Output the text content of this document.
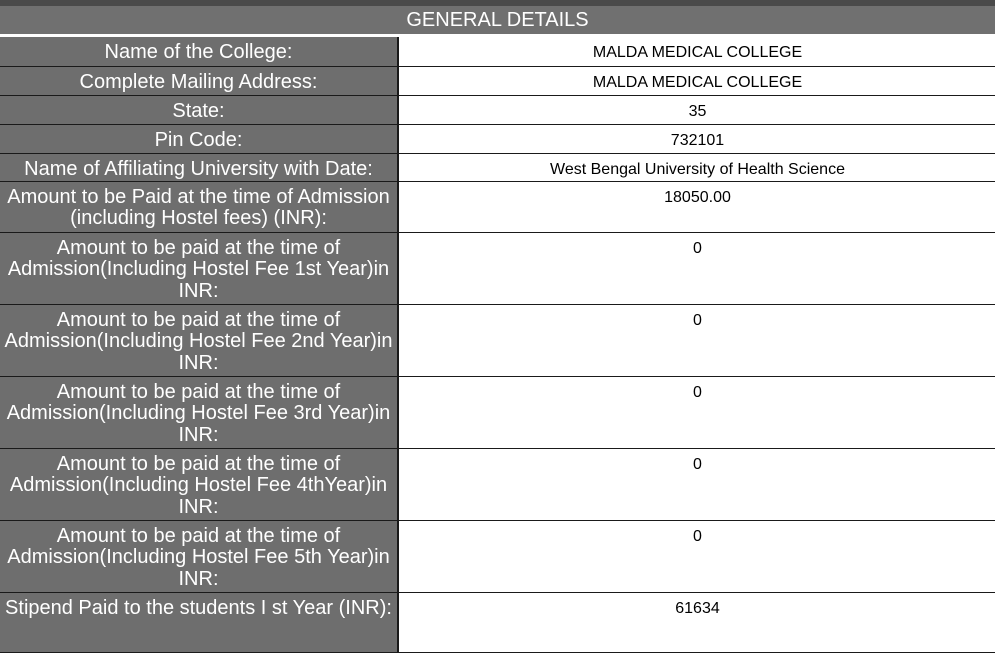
GENERAL DETAILS
Name of the College:	MALDA MEDICAL COLLEGE
Complete Mailing Address:	MALDA MEDICAL COLLEGE
State:	35
Pin Code:	732101
Name of Affiliating University with Date:	West Bengal University of Health Science
Amount to be Paid at the time of Admission (including Hostel fees) (INR):	18050.00
Amount to be paid at the time of Admission(Including Hostel Fee 1st Year)in INR:	0
Amount to be paid at the time of Admission(Including Hostel Fee 2nd Year)in INR:	0
Amount to be paid at the time of Admission(Including Hostel Fee 3rd Year)in INR:	0
Amount to be paid at the time of Admission(Including Hostel Fee 4thYear)in INR:	0
Amount to be paid at the time of Admission(Including Hostel Fee 5th Year)in INR:	0
Stipend Paid to the students I st Year (INR):	61634
